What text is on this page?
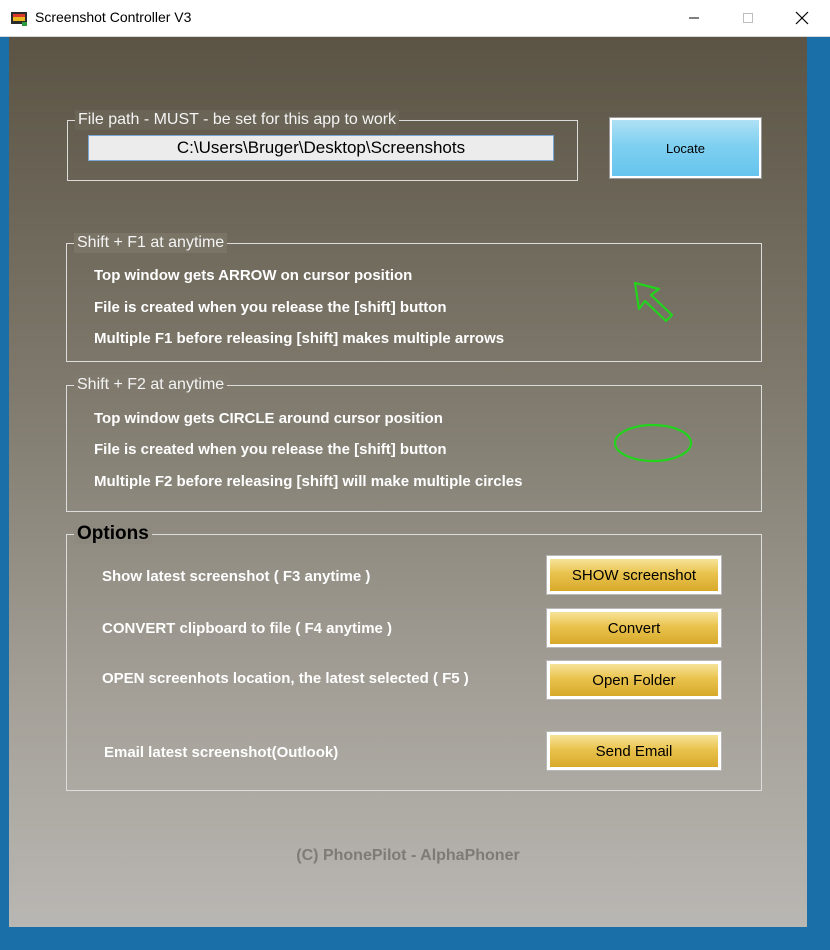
Screenshot Controller V3
File path - MUST - be set for this app to work
C:\Users\Bruger\Desktop\Screenshots
Locate
Shift + F1 at anytime
Top window gets ARROW on cursor position
File is created when you release the [shift] button
Multiple F1 before releasing [shift] makes multiple arrows
Shift + F2 at anytime
Top window gets CIRCLE around cursor position
File is created when you release the [shift] button
Multiple F2 before releasing [shift] will make multiple circles
Options
Show latest screenshot ( F3 anytime )	SHOW screenshot
CONVERT clipboard to file ( F4 anytime )	Convert
OPEN screenhots location, the latest selected ( F5 )	Open Folder
Email latest screenshot(Outlook)	Send Email
(C) PhonePilot - AlphaPhoner
